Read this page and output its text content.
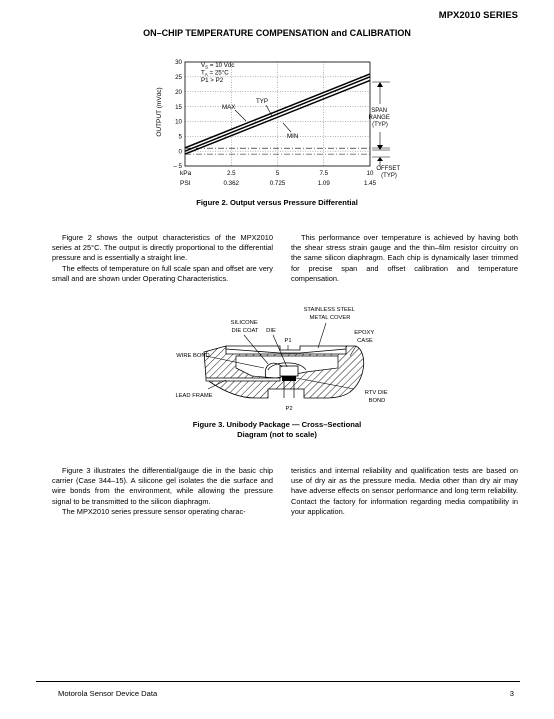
MPX2010 SERIES
ON–CHIP TEMPERATURE COMPENSATION and CALIBRATION
30
25
20
15
10
5
0
– 5
2.5
0.362
5
0.725
7.5
1.09
10
1.45
OUTPUT (mVdc)
kPa
PSI
$V_S = 10$ Vdc $T_A = 25^\circ C$ P1 > P2
MAX
TYP
MIN
SPAN RANGE (TYP)
OFFSET (TYP)
Figure 2. Output versus Pressure Differential

Figure 2 shows the output characteristics of the MPX2010 series at 25°C. The output is directly proportional to the differential pressure and is essentially a straight line.

The effects of temperature on full scale span and offset are very small and are shown under Operating Characteristics.

This performance over temperature is achieved by having both the shear stress strain gauge and the thin–film resistor circuitry on the same silicon diaphragm. Each chip is dynamically laser trimmed for precise span and offset calibration and temperature compensation.

STAINLESS STEEL METAL COVER
SILICONE DIE COAT DIE
P1
EPOXY CASE
WIRE BOND
LEAD FRAME	RTV DIE BOND
P2
Figure 3. Unibody Package — Cross–Sectional
Diagram (not to scale)

Figure 3 illustrates the differential/gauge die in the basic chip carrier (Case 344–15). A silicone gel isolates the die surface and wire bonds from the environment, while allowing the pressure signal to be transmitted to the silicon diaphragm.

The MPX2010 series pressure sensor operating charac-

teristics and internal reliability and qualification tests are based on use of dry air as the pressure media. Media other than dry air may have adverse effects on sensor performance and long term reliability. Contact the factory for information regarding media compatibility in your application.

Motorola Sensor Device Data	3
